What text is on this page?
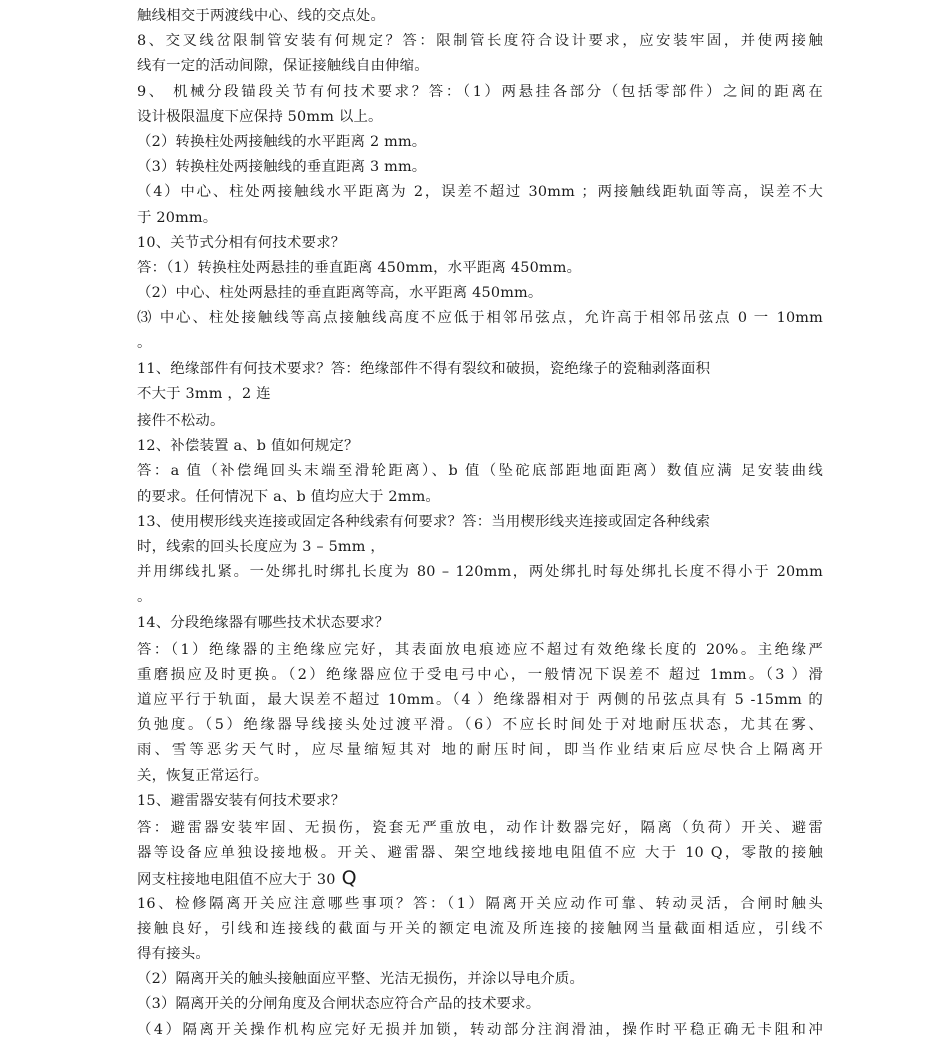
触线相交于两渡线中心、线的交点处。
8、交叉线岔限制管安装有何规定？答：限制管长度符合设计要求，应安装牢固，并使两接触
线有一定的活动间隙，保证接触线自由伸缩。
9、 机械分段锚段关节有何技术要求？答：（1）两悬挂各部分（包括零部件）之间的距离在
设计极限温度下应保持 50mm 以上。
（2）转换柱处两接触线的水平距离 2 mm。
（3）转换柱处两接触线的垂直距离 3 mm。
（4）中心、柱处两接触线水平距离为 2，误差不超过 30mm ；两接触线距轨面等高，误差不大
于 20mm。
10、关节式分相有何技术要求？
答：（1）转换柱处两悬挂的垂直距离 450mm，水平距离 450mm。
（2）中心、柱处两悬挂的垂直距离等高，水平距离 450mm。
⑶ 中心、柱处接触线等高点接触线高度不应低于相邻吊弦点，允许高于相邻吊弦点 0 一 10mm
。
11、绝缘部件有何技术要求？答：绝缘部件不得有裂纹和破损，瓷绝缘子的瓷釉剥落面积
不大于 3mm ，2 连
接件不松动。
12、补偿装置 a、b 值如何规定？
答：a 值（补偿绳回头末端至滑轮距离）、b 值（坠砣底部距地面距离）数值应满 足安装曲线
的要求。任何情况下 a、b 值均应大于 2mm。
13、使用楔形线夹连接或固定各种线索有何要求？答：当用楔形线夹连接或固定各种线索
时，线索的回头长度应为 3 – 5mm ，
并用绑线扎紧。一处绑扎时绑扎长度为 80 – 120mm，两处绑扎时每处绑扎长度不得小于 20mm
。
14、分段绝缘器有哪些技术状态要求？
答：（1）绝缘器的主绝缘应完好，其表面放电痕迹应不超过有效绝缘长度的 20%。主绝缘严
重磨损应及时更换。（2）绝缘器应位于受电弓中心，一般情况下误差不 超过 1mm。（3 ）滑
道应平行于轨面，最大误差不超过 10mm。（4 ）绝缘器相对于 两侧的吊弦点具有 5 -15mm 的
负弛度。（5）绝缘器导线接头处过渡平滑。（6）不应长时间处于对地耐压状态，尤其在雾、
雨、雪等恶劣天气时，应尽量缩短其对 地的耐压时间，即当作业结束后应尽快合上隔离开
关，恢复正常运行。
15、避雷器安装有何技术要求？
答：避雷器安装牢固、无损伤，瓷套无严重放电，动作计数器完好，隔离（负荷）开关、避雷
器等设备应单独设接地极。开关、避雷器、架空地线接地电阻值不应 大于 10 Q，零散的接触
网支柱接地电阻值不应大于 30 Q
16、检修隔离开关应注意哪些事项？答：（1）隔离开关应动作可靠、转动灵活，合闸时触头
接触良好，引线和连接线的截面与开关的额定电流及所连接的接触网当量截面相适应，引线不
得有接头。
（2）隔离开关的触头接触面应平整、光洁无损伤，并涂以导电介质。
（3）隔离开关的分闸角度及合闸状态应符合产品的技术要求。
（4）隔离开关操作机构应完好无损并加锁，转动部分注润滑油，操作时平稳正确无卡阻和冲
